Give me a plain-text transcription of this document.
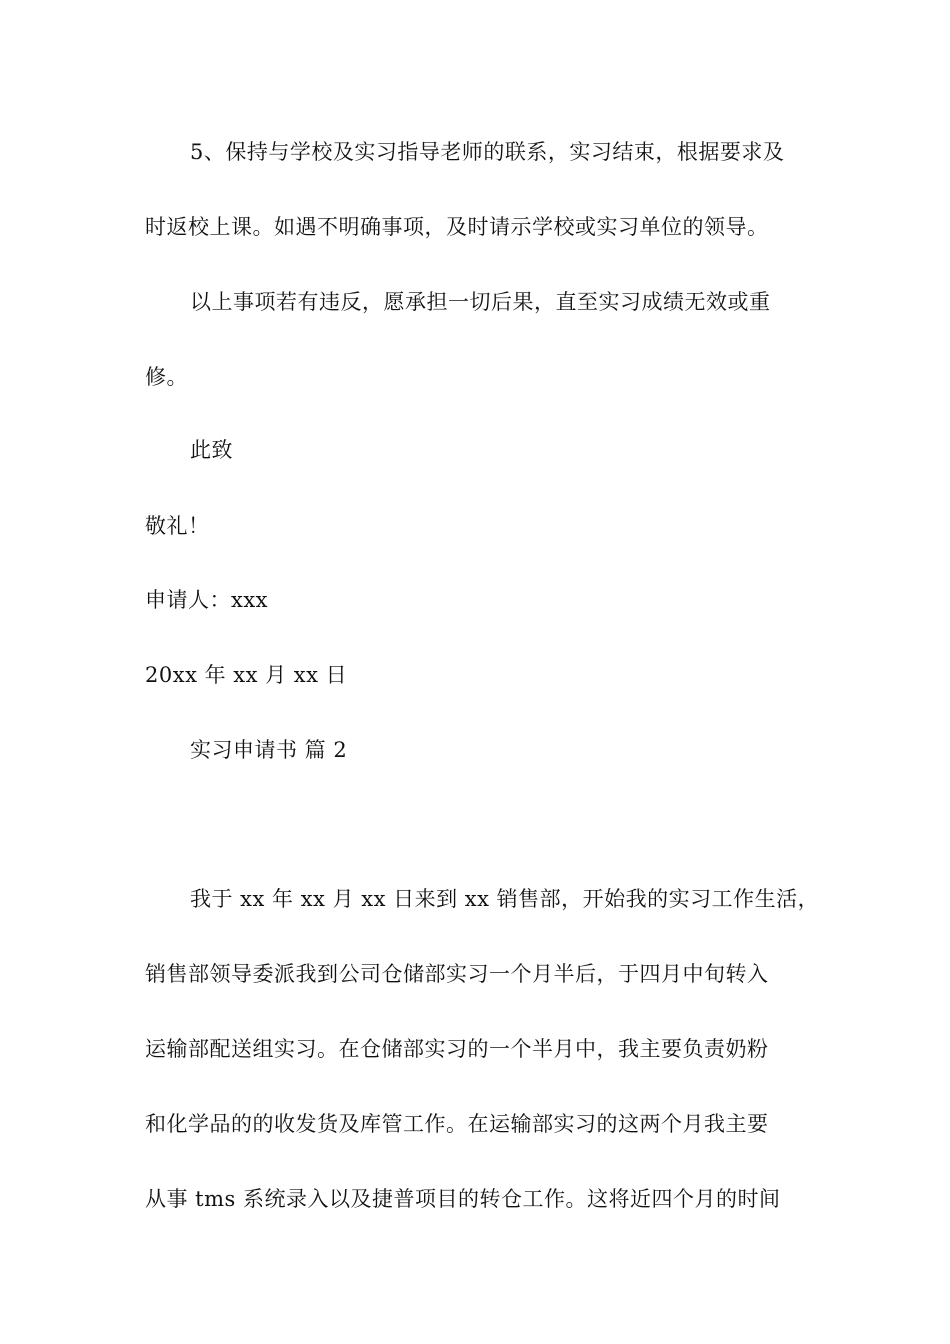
5、保持与学校及实习指导老师的联系，实习结束，根据要求及
时返校上课。如遇不明确事项，及时请示学校或实习单位的领导。
以上事项若有违反，愿承担一切后果，直至实习成绩无效或重
修。
此致
敬礼！
申请人：xxx
20xx 年 xx 月 xx 日
实习申请书 篇 2
我于 xx 年 xx 月 xx 日来到 xx 销售部，开始我的实习工作生活，
销售部领导委派我到公司仓储部实习一个月半后，于四月中旬转入
运输部配送组实习。在仓储部实习的一个半月中，我主要负责奶粉
和化学品的的收发货及库管工作。在运输部实习的这两个月我主要
从事 tms 系统录入以及捷普项目的转仓工作。这将近四个月的时间
